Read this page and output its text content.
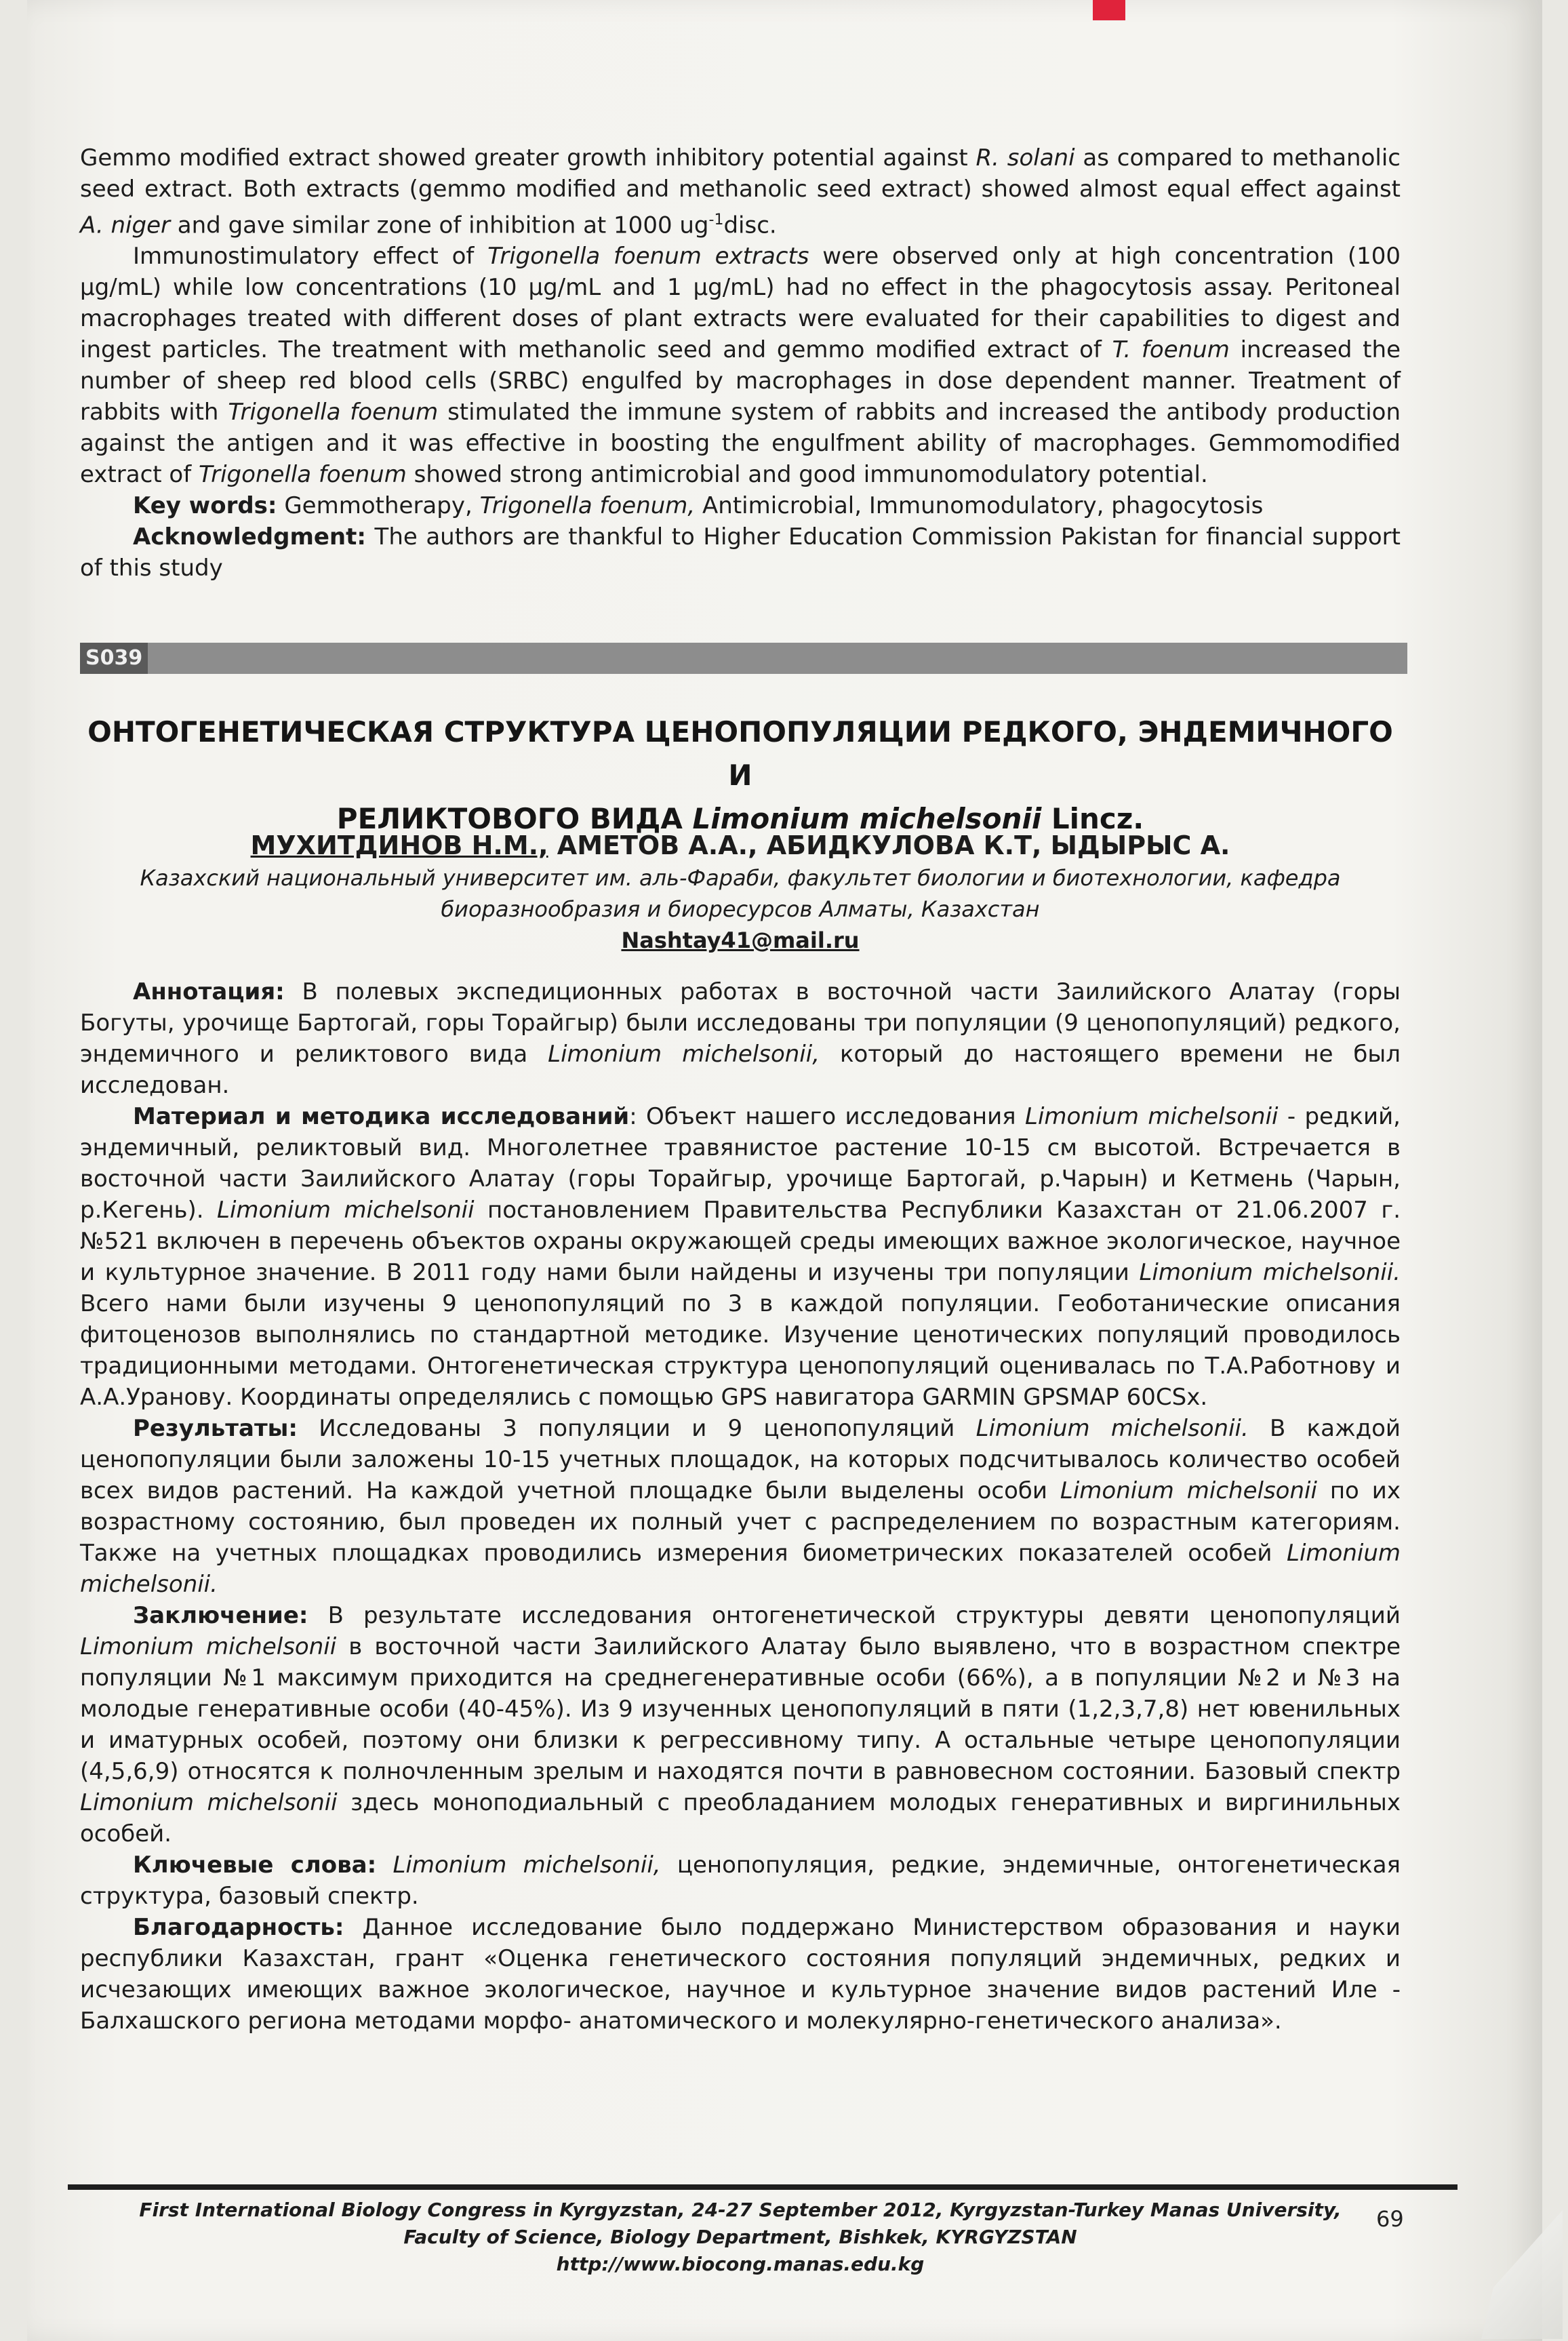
Gemmo modified extract showed greater growth inhibitory potential against R. solani as compared to methanolic seed extract. Both extracts (gemmo modified and methanolic seed extract) showed almost equal effect against A. niger and gave similar zone of inhibition at 1000 $ug^{-1}disc$.

Immunostimulatory effect of Trigonella foenum extracts were observed only at high concentration (100 µg/mL) while low concentrations (10 µg/mL and 1 µg/mL) had no effect in the phagocytosis assay. Peritoneal macrophages treated with different doses of plant extracts were evaluated for their capabilities to digest and ingest particles. The treatment with methanolic seed and gemmo modified extract of T. foenum increased the number of sheep red blood cells (SRBC) engulfed by macrophages in dose dependent manner. Treatment of rabbits with Trigonella foenum stimulated the immune system of rabbits and increased the antibody production against the antigen and it was effective in boosting the engulfment ability of macrophages. Gemmomodified extract of Trigonella foenum showed strong antimicrobial and good immunomodulatory potential.

Key words: Gemmotherapy, Trigonella foenum, Antimicrobial, Immunomodulatory, phagocytosis

Acknowledgment: The authors are thankful to Higher Education Commission Pakistan for financial support of this study

S039
ОНТОГЕНЕТИЧЕСКАЯ СТРУКТУРА ЦЕНОПОПУЛЯЦИИ РЕДКОГО, ЭНДЕМИЧНОГО И
РЕЛИКТОВОГО ВИДА Limonium michelsonii Lincz.
МУХИТДИНОВ Н.М., АМЕТОВ А.А., АБИДКУЛОВА К.Т, ЫДЫРЫС А.
Казахский национальный университет им. аль-Фараби, факультет биологии и биотехнологии, кафедра
биоразнообразия и биоресурсов Алматы, Казахстан
Nashtay41@mail.ru

Аннотация: В полевых экспедиционных работах в восточной части Заилийского Алатау (горы Богуты, урочище Бартогай, горы Торайгыр) были исследованы три популяции (9 ценопопуляций) редкого, эндемичного и реликтового вида Limonium michelsonii, который до настоящего времени не был исследован.

Материал и методика исследований: Объект нашего исследования Limonium michelsonii - редкий, эндемичный, реликтовый вид. Многолетнее травянистое растение 10-15 см высотой. Встречается в восточной части Заилийского Алатау (горы Торайгыр, урочище Бартогай, р.Чарын) и Кетмень (Чарын, р.Кегень). Limonium michelsonii постановлением Правительства Республики Казахстан от 21.06.2007 г. №521 включен в перечень объектов охраны окружающей среды имеющих важное экологическое, научное и культурное значение. В 2011 году нами были найдены и изучены три популяции Limonium michelsonii. Всего нами были изучены 9 ценопопуляций по 3 в каждой популяции. Геоботанические описания фитоценозов выполнялись по стандартной методике. Изучение ценотических популяций проводилось традиционными методами. Онтогенетическая структура ценопопуляций оценивалась по Т.А.Работнову и А.А.Уранову. Координаты определялись с помощью GPS навигатора GARMIN GPSMAP 60CSx.

Результаты: Исследованы 3 популяции и 9 ценопопуляций Limonium michelsonii. В каждой ценопопуляции были заложены 10-15 учетных площадок, на которых подсчитывалось количество особей всех видов растений. На каждой учетной площадке были выделены особи Limonium michelsonii по их возрастному состоянию, был проведен их полный учет с распределением по возрастным категориям. Также на учетных площадках проводились измерения биометрических показателей особей Limonium michelsonii.

Заключение: В результате исследования онтогенетической структуры девяти ценопопуляций Limonium michelsonii в восточной части Заилийского Алатау было выявлено, что в возрастном спектре популяции №1 максимум приходится на среднегенеративные особи (66%), а в популяции №2 и №3 на молодые генеративные особи (40-45%). Из 9 изученных ценопопуляций в пяти (1,2,3,7,8) нет ювенильных и иматурных особей, поэтому они близки к регрессивному типу. А остальные четыре ценопопуляции (4,5,6,9) относятся к полночленным зрелым и находятся почти в равновесном состоянии. Базовый спектр Limonium michelsonii здесь моноподиальный с преобладанием молодых генеративных и виргинильных особей.

Ключевые слова: Limonium michelsonii, ценопопуляция, редкие, эндемичные, онтогенетическая структура, базовый спектр.

Благодарность: Данное исследование было поддержано Министерством образования и науки республики Казахстан, грант «Оценка генетического состояния популяций эндемичных, редких и исчезающих имеющих важное экологическое, научное и культурное значение видов растений Иле - Балхашского региона методами морфо- анатомического и молекулярно-генетического анализа».

First International Biology Congress in Kyrgyzstan, 24-27 September 2012, Kyrgyzstan-Turkey Manas University,
Faculty of Science, Biology Department, Bishkek, KYRGYZSTAN
http://www.biocong.manas.edu.kg
69
